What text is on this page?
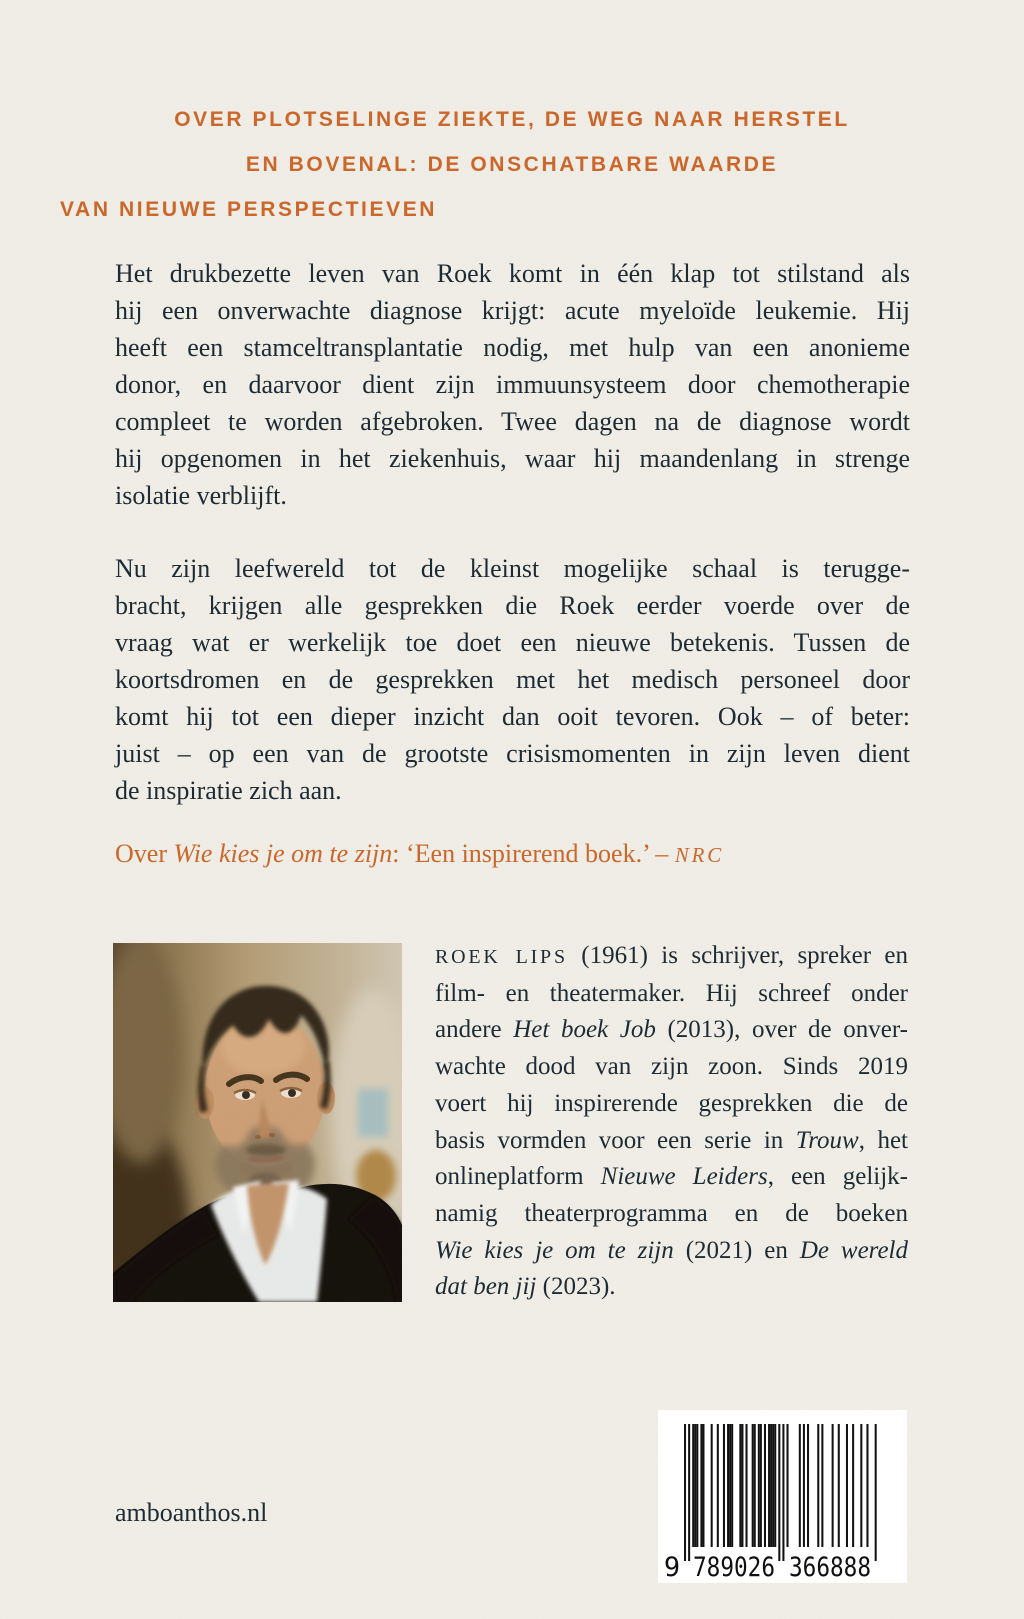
OVER PLOTSELINGE ZIEKTE, DE WEG NAAR HERSTEL
EN BOVENAL: DE ONSCHATBARE WAARDE
VAN NIEUWE PERSPECTIEVEN
Het drukbezette leven van Roek komt in één klap tot stilstand als
hij een onverwachte diagnose krijgt: acute myeloïde leukemie. Hij
heeft een stamceltransplantatie nodig, met hulp van een anonieme
donor, en daarvoor dient zijn immuunsysteem door chemotherapie
compleet te worden afgebroken. Twee dagen na de diagnose wordt
hij opgenomen in het ziekenhuis, waar hij maandenlang in strenge
isolatie verblijft.
Nu zijn leefwereld tot de kleinst mogelijke schaal is terugge-
bracht, krijgen alle gesprekken die Roek eerder voerde over de
vraag wat er werkelijk toe doet een nieuwe betekenis. Tussen de
koortsdromen en de gesprekken met het medisch personeel door
komt hij tot een dieper inzicht dan ooit tevoren. Ook – of beter:
juist – op een van de grootste crisismomenten in zijn leven dient
de inspiratie zich aan.
Over Wie kies je om te zijn: ‘Een inspirerend boek.’ – NRC
ROEK LIPS (1961) is schrijver, spreker en
film- en theatermaker. Hij schreef onder
andere Het boek Job (2013), over de onver-
wachte dood van zijn zoon. Sinds 2019
voert hij inspirerende gesprekken die de
basis vormden voor een serie in Trouw, het
onlineplatform Nieuwe Leiders, een gelijk-
namig theaterprogramma en de boeken
Wie kies je om te zijn (2021) en De wereld
dat ben jij (2023).
amboanthos.nl
9 789026 366888
